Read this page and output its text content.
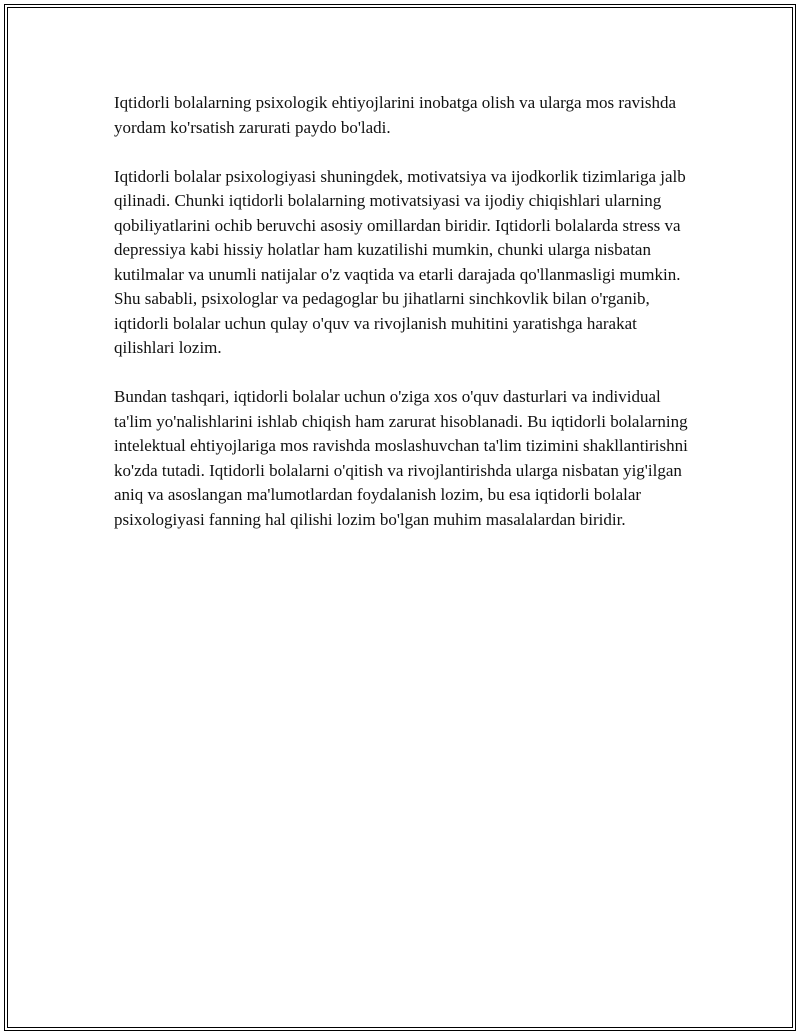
Iqtidorli bolalarning psixologik ehtiyojlarini inobatga olish va ularga mos ravishda yordam ko'rsatish zarurati paydo bo'ladi.

Iqtidorli bolalar psixologiyasi shuningdek, motivatsiya va ijodkorlik tizimlariga jalb qilinadi. Chunki iqtidorli bolalarning motivatsiyasi va ijodiy chiqishlari ularning qobiliyatlarini ochib beruvchi asosiy omillardan biridir. Iqtidorli bolalarda stress va depressiya kabi hissiy holatlar ham kuzatilishi mumkin, chunki ularga nisbatan kutilmalar va unumli natijalar o'z vaqtida va etarli darajada qo'llanmasligi mumkin. Shu sababli, psixologlar va pedagoglar bu jihatlarni sinchkovlik bilan o'rganib, iqtidorli bolalar uchun qulay o'quv va rivojlanish muhitini yaratishga harakat qilishlari lozim.

Bundan tashqari, iqtidorli bolalar uchun o'ziga xos o'quv dasturlari va individual ta'lim yo'nalishlarini ishlab chiqish ham zarurat hisoblanadi. Bu iqtidorli bolalarning intelektual ehtiyojlariga mos ravishda moslashuvchan ta'lim tizimini shakllantirishni ko'zda tutadi. Iqtidorli bolalarni o'qitish va rivojlantirishda ularga nisbatan yig'ilgan aniq va asoslangan ma'lumotlardan foydalanish lozim, bu esa iqtidorli bolalar psixologiyasi fanning hal qilishi lozim bo'lgan muhim masalalardan biridir.
